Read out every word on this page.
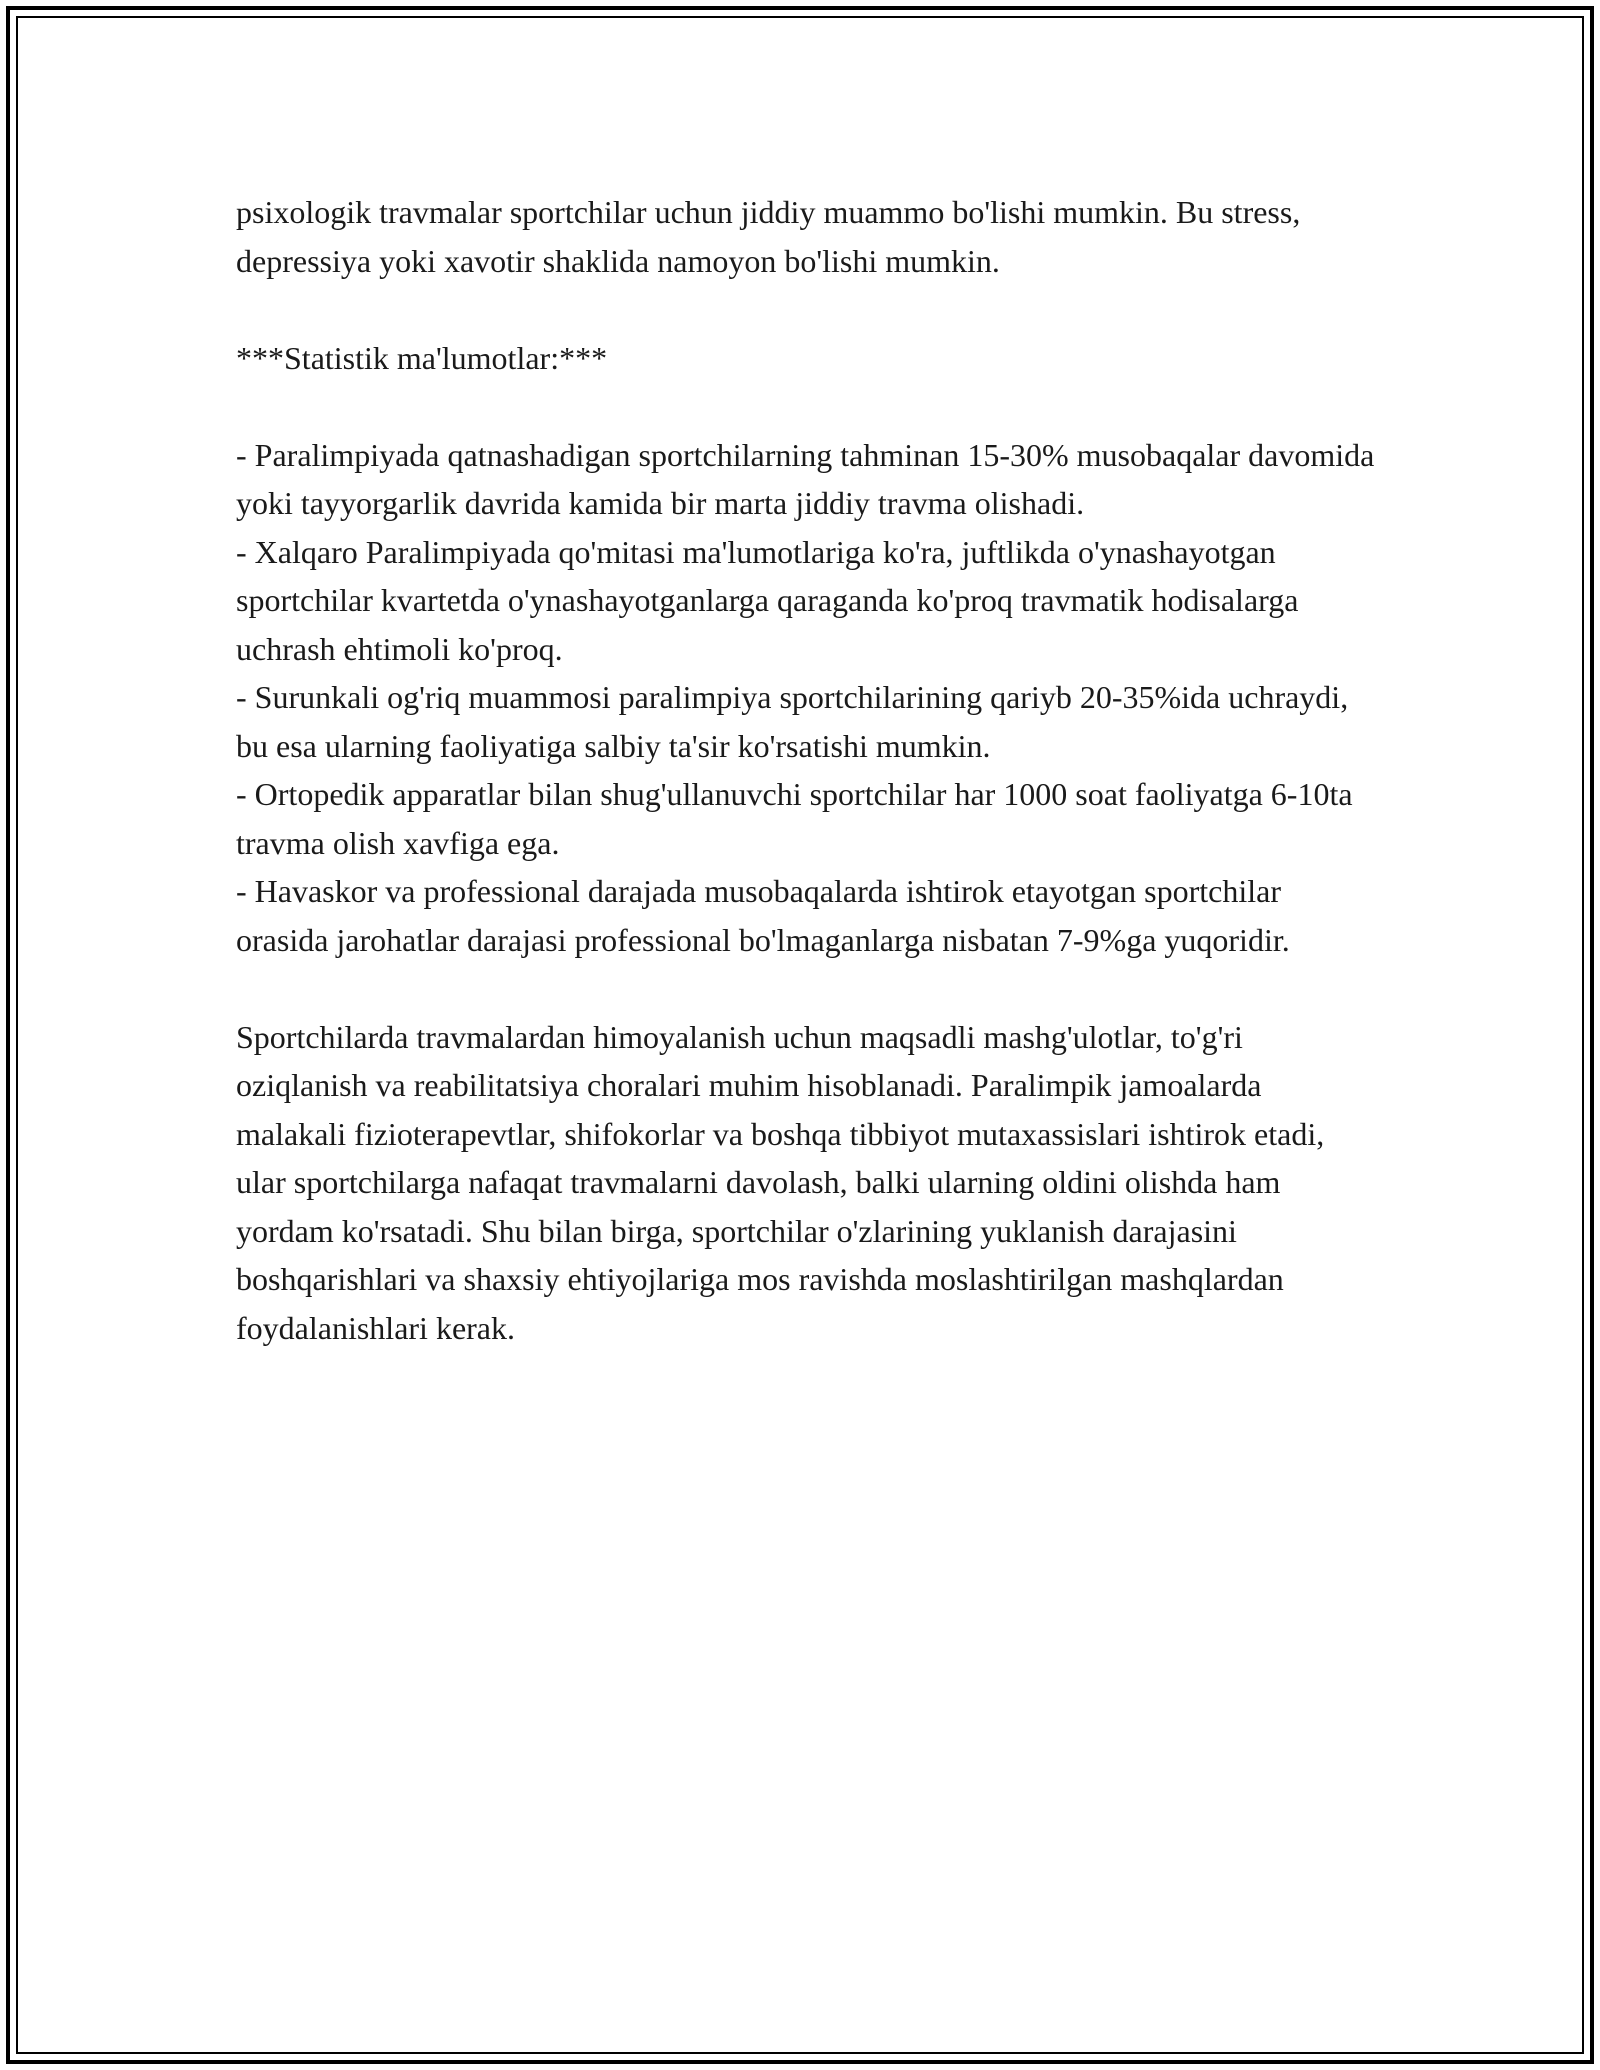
psixologik travmalar sportchilar uchun jiddiy muammo bo'lishi mumkin. Bu stress, depressiya yoki xavotir shaklida namoyon bo'lishi mumkin.

***Statistik ma'lumotlar:***

- Paralimpiyada qatnashadigan sportchilarning tahminan 15-30% musobaqalar davomida yoki tayyorgarlik davrida kamida bir marta jiddiy travma olishadi.

- Xalqaro Paralimpiyada qo'mitasi ma'lumotlariga ko'ra, juftlikda o'ynashayotgan sportchilar kvartetda o'ynashayotganlarga qaraganda ko'proq travmatik hodisalarga uchrash ehtimoli ko'proq.

- Surunkali og'riq muammosi paralimpiya sportchilarining qariyb 20-35%ida uchraydi, bu esa ularning faoliyatiga salbiy ta'sir ko'rsatishi mumkin.

- Ortopedik apparatlar bilan shug'ullanuvchi sportchilar har 1000 soat faoliyatga 6-10ta travma olish xavfiga ega.

- Havaskor va professional darajada musobaqalarda ishtirok etayotgan sportchilar orasida jarohatlar darajasi professional bo'lmaganlarga nisbatan 7-9%ga yuqoridir.

Sportchilarda travmalardan himoyalanish uchun maqsadli mashg'ulotlar, to'g'ri oziqlanish va reabilitatsiya choralari muhim hisoblanadi. Paralimpik jamoalarda malakali fizioterapevtlar, shifokorlar va boshqa tibbiyot mutaxassislari ishtirok etadi, ular sportchilarga nafaqat travmalarni davolash, balki ularning oldini olishda ham yordam ko'rsatadi. Shu bilan birga, sportchilar o'zlarining yuklanish darajasini boshqarishlari va shaxsiy ehtiyojlariga mos ravishda moslashtirilgan mashqlardan foydalanishlari kerak.
